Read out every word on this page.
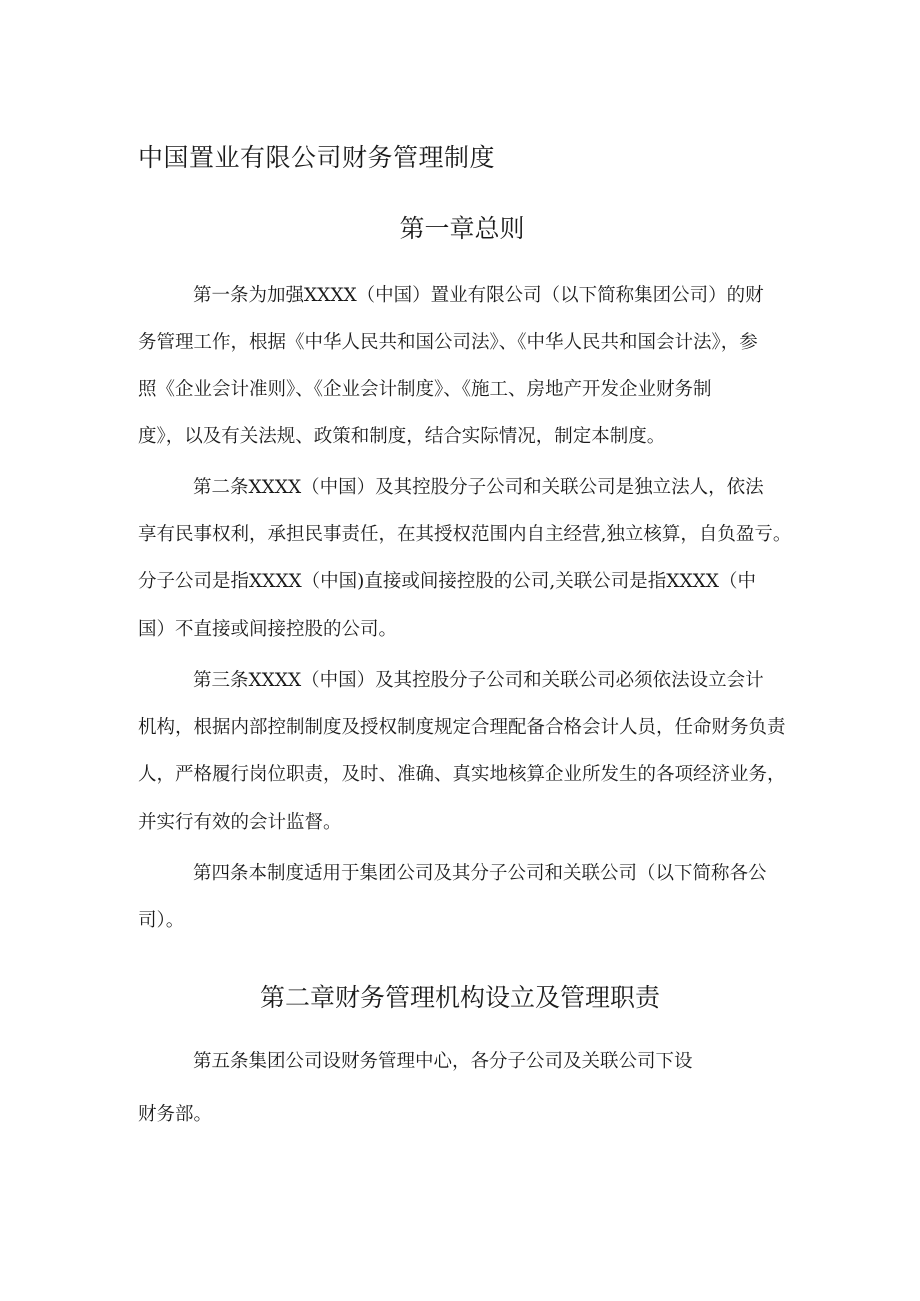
中国置业有限公司财务管理制度
第一章总则
第一条为加强XXXX（中国）置业有限公司（以下简称集团公司）的财
务管理工作，根据《中华人民共和国公司法》、《中华人民共和国会计法》，参
照《企业会计准则》、《企业会计制度》、《施工、房地产开发企业财务制
度》，以及有关法规、政策和制度，结合实际情况，制定本制度。
第二条XXXX（中国）及其控股分子公司和关联公司是独立法人，依法
享有民事权利，承担民事责任，在其授权范围内自主经营,独立核算，自负盈亏。
分子公司是指XXXX（中国)直接或间接控股的公司,关联公司是指XXXX（中
国）不直接或间接控股的公司。
第三条XXXX（中国）及其控股分子公司和关联公司必须依法设立会计
机构，根据内部控制制度及授权制度规定合理配备合格会计人员，任命财务负责
人，严格履行岗位职责，及时、准确、真实地核算企业所发生的各项经济业务，
并实行有效的会计监督。
第四条本制度适用于集团公司及其分子公司和关联公司（以下简称各公
司）。
第二章财务管理机构设立及管理职责
第五条集团公司设财务管理中心，各分子公司及关联公司下设
财务部。
